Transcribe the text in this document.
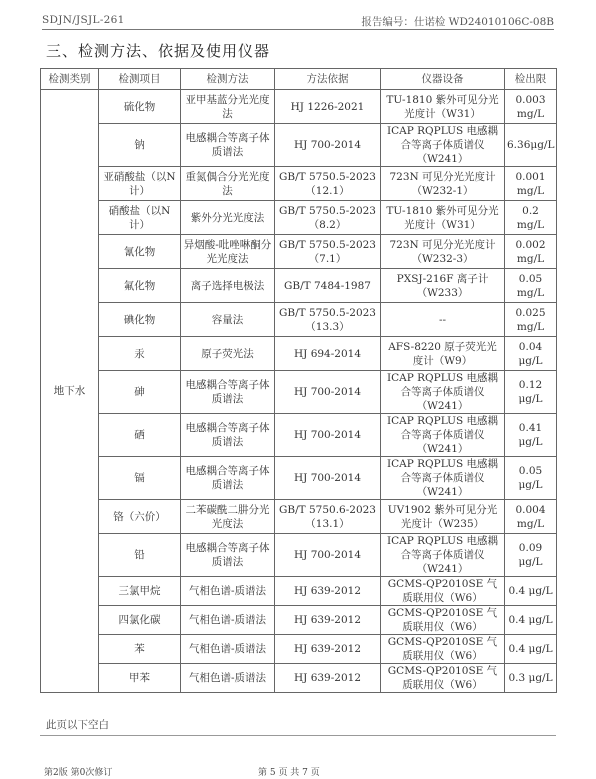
SDJN/JSJL-261	报告编号：仕诺检 WD24010106C-08B
三、检测方法、依据及使用仪器
检测类别	检测项目	检测方法	方法依据	仪器设备	检出限
地下水	硫化物	亚甲基蓝分光光度法	HJ 1226-2021	TU-1810 紫外可见分光光度计（W31）	0.003 mg/L
	钠	电感耦合等离子体质谱法	HJ 700-2014	ICAP RQPLUS 电感耦合等离子体质谱仪（W241）	6.36μg/L
	亚硝酸盐（以N计）	重氮偶合分光光度法	GB/T 5750.5-2023（12.1）	723N 可见分光光度计（W232-1）	0.001 mg/L
	硝酸盐（以N计）	紫外分光光度法	GB/T 5750.5-2023（8.2）	TU-1810 紫外可见分光光度计（W31）	0.2 mg/L
	氰化物	异烟酸-吡唑啉酮分光光度法	GB/T 5750.5-2023（7.1）	723N 可见分光光度计（W232-3）	0.002 mg/L
	氟化物	离子选择电极法	GB/T 7484-1987	PXSJ-216F 离子计（W233）	0.05 mg/L
	碘化物	容量法	GB/T 5750.5-2023（13.3）	--	0.025 mg/L
	汞	原子荧光法	HJ 694-2014	AFS-8220 原子荧光光度计（W9）	0.04 μg/L
	砷	电感耦合等离子体质谱法	HJ 700-2014	ICAP RQPLUS 电感耦合等离子体质谱仪（W241）	0.12 μg/L
	硒	电感耦合等离子体质谱法	HJ 700-2014	ICAP RQPLUS 电感耦合等离子体质谱仪（W241）	0.41 μg/L
	镉	电感耦合等离子体质谱法	HJ 700-2014	ICAP RQPLUS 电感耦合等离子体质谱仪（W241）	0.05 μg/L
	铬（六价）	二苯碳酰二肼分光光度法	GB/T 5750.6-2023（13.1）	UV1902 紫外可见分光光度计（W235）	0.004 mg/L
	铅	电感耦合等离子体质谱法	HJ 700-2014	ICAP RQPLUS 电感耦合等离子体质谱仪（W241）	0.09 μg/L
	三氯甲烷	气相色谱-质谱法	HJ 639-2012	GCMS-QP2010SE 气质联用仪（W6）	0.4 μg/L
	四氯化碳	气相色谱-质谱法	HJ 639-2012	GCMS-QP2010SE 气质联用仪（W6）	0.4 μg/L
	苯	气相色谱-质谱法	HJ 639-2012	GCMS-QP2010SE 气质联用仪（W6）	0.4 μg/L
	甲苯	气相色谱-质谱法	HJ 639-2012	GCMS-QP2010SE 气质联用仪（W6）	0.3 μg/L
此页以下空白
第2版 第0次修订	第 5 页 共 7 页
